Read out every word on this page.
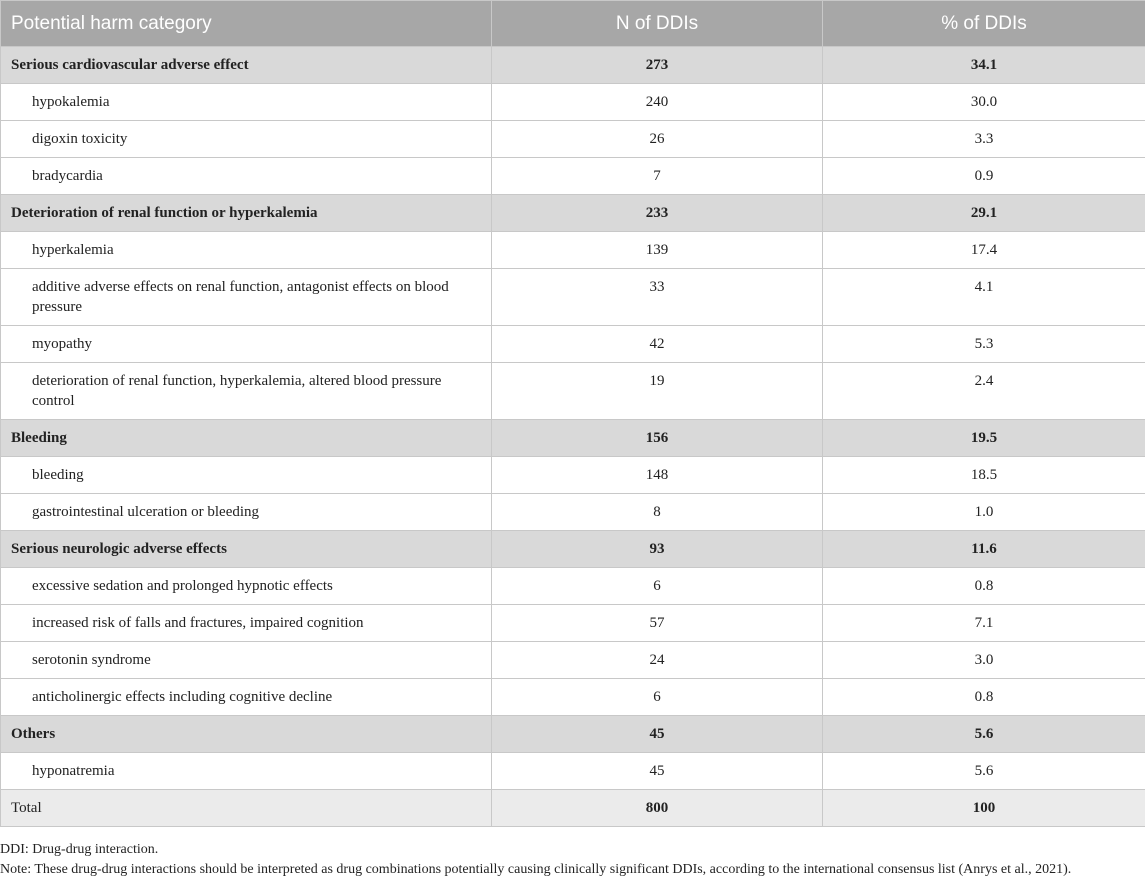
Potential harm category	N of DDIs	% of DDIs
Serious cardiovascular adverse effect	273	34.1
hypokalemia	240	30.0
digoxin toxicity	26	3.3
bradycardia	7	0.9
Deterioration of renal function or hyperkalemia	233	29.1
hyperkalemia	139	17.4
additive adverse effects on renal function, antagonist effects on blood pressure	33	4.1
myopathy	42	5.3
deterioration of renal function, hyperkalemia, altered blood pressure control	19	2.4
Bleeding	156	19.5
bleeding	148	18.5
gastrointestinal ulceration or bleeding	8	1.0
Serious neurologic adverse effects	93	11.6
excessive sedation and prolonged hypnotic effects	6	0.8
increased risk of falls and fractures, impaired cognition	57	7.1
serotonin syndrome	24	3.0
anticholinergic effects including cognitive decline	6	0.8
Others	45	5.6
hyponatremia	45	5.6
Total	800	100
DDI: Drug-drug interaction.
Note: These drug-drug interactions should be interpreted as drug combinations potentially causing clinically significant DDIs, according to the international consensus list (Anrys et al., 2021).
